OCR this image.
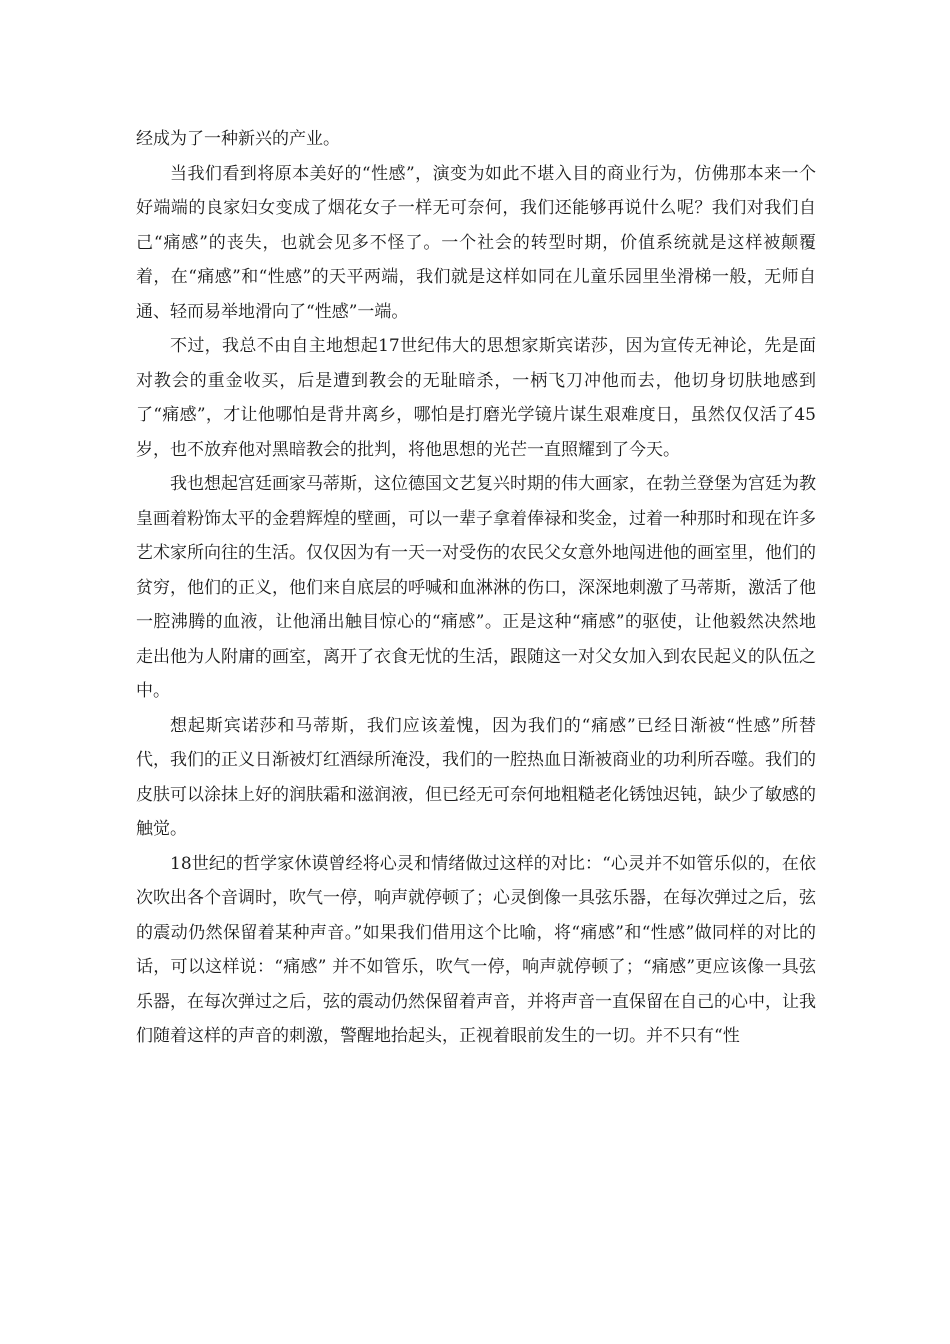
经成为了一种新兴的产业。

当我们看到将原本美好的“性感”，演变为如此不堪入目的商业行为，仿佛那本来一个好端端的良家妇女变成了烟花女子一样无可奈何，我们还能够再说什么呢？我们对我们自己“痛感”的丧失，也就会见多不怪了。一个社会的转型时期，价值系统就是这样被颠覆着，在“痛感”和“性感”的天平两端，我们就是这样如同在儿童乐园里坐滑梯一般，无师自通、轻而易举地滑向了“性感”一端。

不过，我总不由自主地想起17世纪伟大的思想家斯宾诺莎，因为宣传无神论，先是面对教会的重金收买，后是遭到教会的无耻暗杀，一柄飞刀冲他而去，他切身切肤地感到了“痛感”，才让他哪怕是背井离乡，哪怕是打磨光学镜片谋生艰难度日，虽然仅仅活了45岁，也不放弃他对黑暗教会的批判，将他思想的光芒一直照耀到了今天。

我也想起宫廷画家马蒂斯，这位德国文艺复兴时期的伟大画家，在勃兰登堡为宫廷为教皇画着粉饰太平的金碧辉煌的壁画，可以一辈子拿着俸禄和奖金，过着一种那时和现在许多艺术家所向往的生活。仅仅因为有一天一对受伤的农民父女意外地闯进他的画室里，他们的贫穷，他们的正义，他们来自底层的呼喊和血淋淋的伤口，深深地刺激了马蒂斯，激活了他一腔沸腾的血液，让他涌出触目惊心的“痛感”。正是这种“痛感”的驱使，让他毅然决然地走出他为人附庸的画室，离开了衣食无忧的生活，跟随这一对父女加入到农民起义的队伍之中。

想起斯宾诺莎和马蒂斯，我们应该羞愧，因为我们的“痛感”已经日渐被“性感”所替代，我们的正义日渐被灯红酒绿所淹没，我们的一腔热血日渐被商业的功利所吞噬。我们的皮肤可以涂抹上好的润肤霜和滋润液，但已经无可奈何地粗糙老化锈蚀迟钝，缺少了敏感的触觉。

18世纪的哲学家休谟曾经将心灵和情绪做过这样的对比：“心灵并不如管乐似的，在依次吹出各个音调时，吹气一停，响声就停顿了；心灵倒像一具弦乐器，在每次弹过之后，弦的震动仍然保留着某种声音。”如果我们借用这个比喻，将“痛感”和“性感”做同样的对比的话，可以这样说：“痛感” 并不如管乐，吹气一停，响声就停顿了；“痛感”更应该像一具弦乐器，在每次弹过之后，弦的震动仍然保留着声音，并将声音一直保留在自己的心中，让我们随着这样的声音的刺激，警醒地抬起头，正视着眼前发生的一切。并不只有“性
